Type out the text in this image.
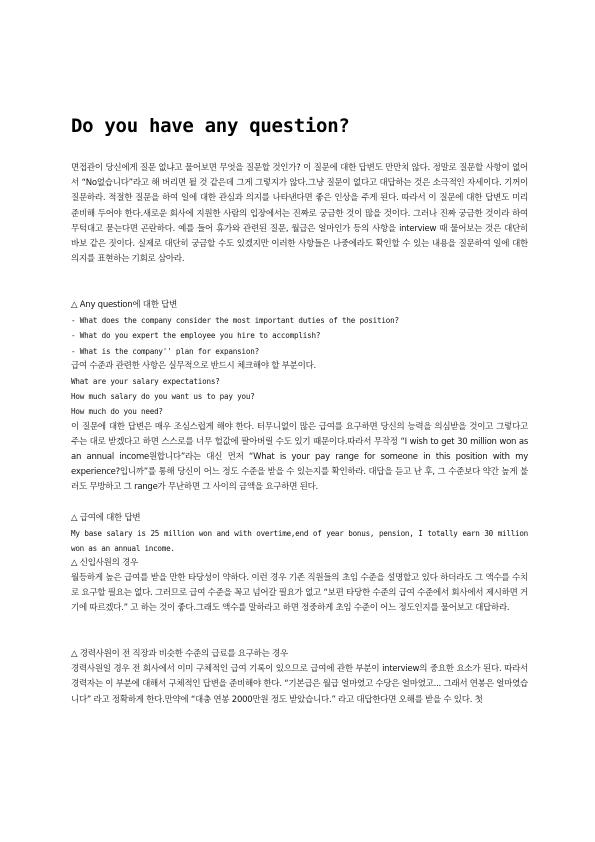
Do you have any question?
면접관이 당신에게 질문 없냐고 물어보면 무엇을 질문할 것인가? 이 질문에 대한 답변도 만만치 않다. 정말로 질문할 사항이 없어서 “No없습니다”라고 해 버리면 될 것 같은데 그게 그렇지가 않다.그냥 질문이 없다고 대답하는 것은 소극적인 자세이다. 기꺼이 질문하라. 적절한 질문을 하여 일에 대한 관심과 의지를 나타낸다면 좋은 인상을 주게 된다. 따라서 이 질문에 대한 답변도 미리 준비해 두어야 한다.새로운 회사에 지원한 사람의 입장에서는 진짜로 궁금한 것이 많을 것이다. 그러나 진짜 궁금한 것이라 하여 무턱대고 묻는다면 곤란하다. 예를 들어 휴가와 관련된 질문, 월급은 얼마인가 등의 사항을 interview 때 물어보는 것은 대단히 바보 같은 짓이다. 실제로 대단히 궁금할 수도 있겠지만 이러한 사항들은 나중에라도 확인할 수 있는 내용을 질문하여 일에 대한 의지를 표현하는 기회로 삼아라.
△ Any question에 대한 답변
- What does the company consider the most important duties of the position?
- What do you expert the employee you hire to accomplish?
- What is the company'' plan for expansion?
급여 수준과 관련한 사항은 실무적으로 반드시 체크해야 할 부분이다.
What are your salary expectations?
How much salary do you want us to pay you?
How much do you need?
이 질문에 대한 답변은 매우 조심스럽게 해야 한다. 터무니없이 많은 급여를 요구하면 당신의 능력을 의심받을 것이고 그렇다고 주는 대로 받겠다고 하면 스스로를 너무 헐값에 팔아버릴 수도 있기 때문이다.따라서 무작정 “I wish to get 30 million won as an annual income원합니다”라는 대신 먼저 “What is your pay range for someone in this position with my experience?입니까”를 통해 당신이 어느 정도 수준을 받을 수 있는지를 확인하라. 대답을 듣고 난 후, 그 수준보다 약간 높게 불러도 무방하고 그 range가 무난하면 그 사이의 금액을 요구하면 된다.
△ 급여에 대한 답변
My base salary is 25 million won and with overtime,end of year bonus, pension, I totally earn 30 million won as an annual income.
△ 신입사원의 경우
월등하게 높은 급여를 받을 만한 타당성이 약하다. 이런 경우 기존 직원들의 초임 수준을 설명할고 있다 하더라도 그 액수를 수치로 요구할 필요는 없다. 그러므로 급여 수준을 꼭고 넘어갈 필요가 없고 “보편 타당한 수준의 급여 수준에서 회사에서 제시하면 거기에 따르겠다.” 고 하는 것이 좋다.그래도 액수를 말하라고 하면 정중하게 초임 수준이 어느 정도인지를 물어보고 대답하라.
△ 경력사원이 전 직장과 비슷한 수준의 급료를 요구하는 경우
경력사원일 경우 전 회사에서 이미 구체적인 급여 기록이 있으므로 급여에 관한 부분이 interview의 중요한 요소가 된다. 따라서 경력자는 이 부분에 대해서 구체적인 답변을 준비해야 한다. “기본급은 월급 얼마였고 수당은 얼마였고... 그래서 연봉은 얼마였습니다” 라고 정확하게 한다.만약에 “대충 연봉 2000만원 정도 받았습니다.” 라고 대답한다면 오해를 받을 수 있다. 첫
